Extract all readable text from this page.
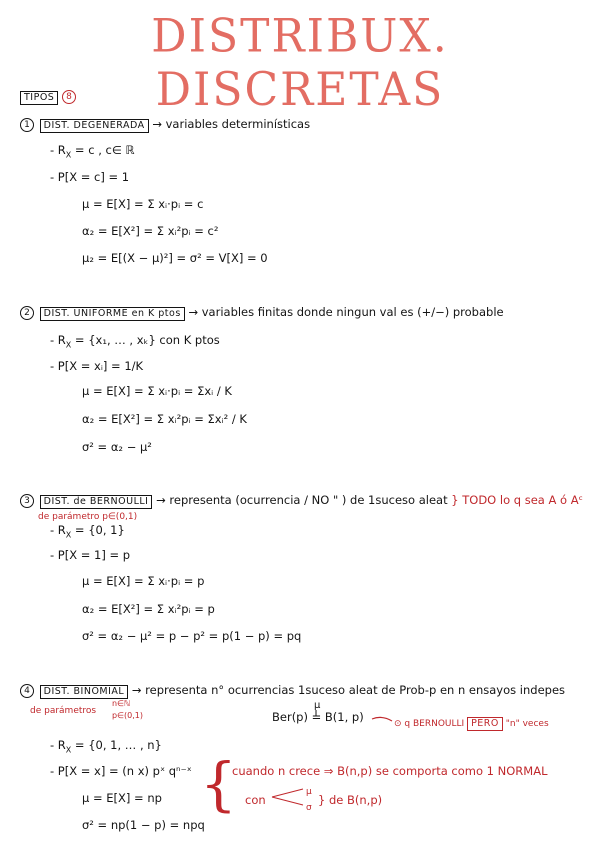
DISTRIBUX. DISCRETAS
TIPOS 8
1 DIST. DEGENERADA → variables determinísticas
- $R_X = c$ , c∈ ℝ
- P[X = c] = 1
μ = E[X] = Σ xᵢ·pᵢ = c
α₂ = E[X²] = Σ xᵢ²pᵢ = c²
μ₂ = E[(X − μ)²] = σ² = V[X] = 0
2 DIST. UNIFORME en K ptos → variables finitas donde ningun val es (+/−) probable
- $R_X = \{x_1$, … , xₖ} con K ptos
- P[X = xᵢ] = 1/K
μ = E[X] = Σ xᵢ·pᵢ = Σxᵢ / K
α₂ = E[X²] = Σ xᵢ²pᵢ = Σxᵢ² / K
σ² = α₂ − μ²
3 DIST. de BERNOULLI → representa (ocurrencia / NO " ) de 1suceso aleat } TODO lo q sea A ó Aᶜ
de parámetro p∈(0,1)
- $R_X = \{0$, 1}
- P[X = 1] = p
μ = E[X] = Σ xᵢ·pᵢ = p
α₂ = E[X²] = Σ xᵢ²pᵢ = p
σ² = α₂ − μ² = p − p² = p(1 − p) = pq
4 DIST. BINOMIAL → representa n° ocurrencias 1suceso aleat de Prob-p en n ensayos indepes
de parámetros
n∈ℕ
p∈(0,1)
μ
Ber(p) = B(1, p)	⊙ q BERNOULLI PERO "n" veces
- $R_X = \{0$, 1, … , n}
- P[X = x] = (n x) pˣ qⁿ⁻ˣ
μ = E[X] = np
σ² = np(1 − p) = npq
{
cuando n crece ⇒ B(n,p) se comporta como 1 NORMAL
con
μ
σ
} de B(n,p)
